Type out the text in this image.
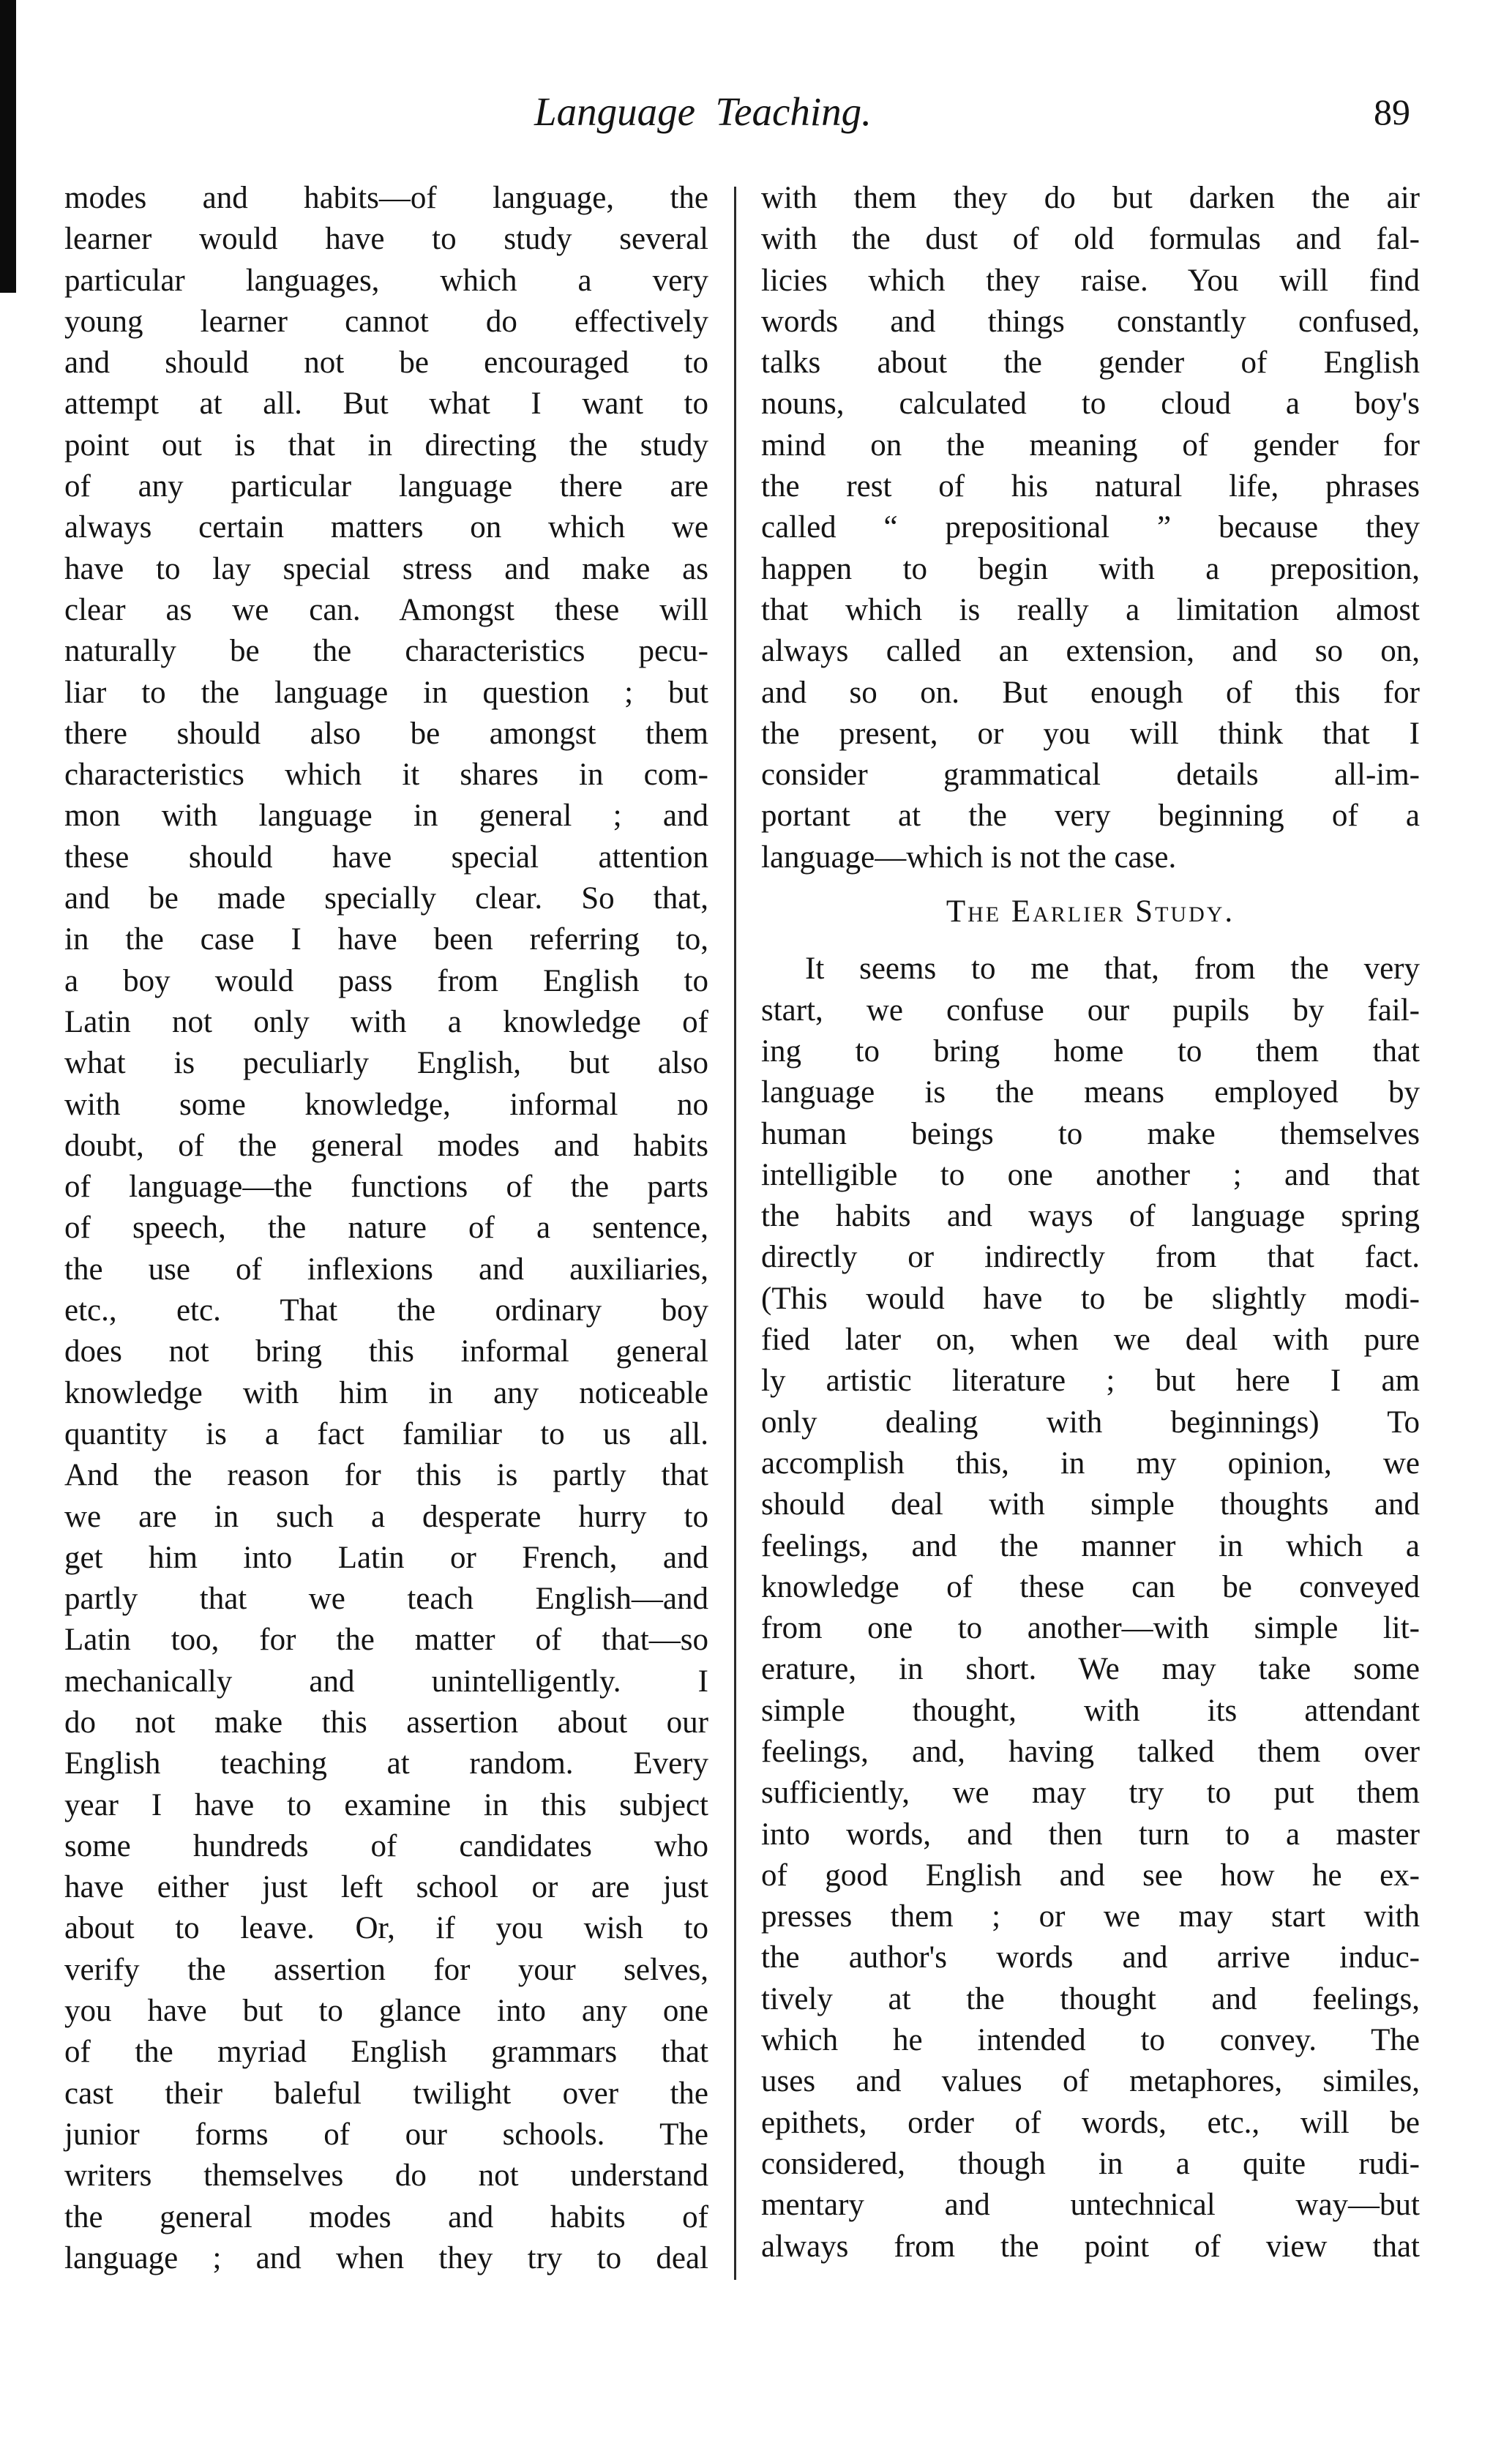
Language  Teaching.	89
modes and habits—of language, the
learner would have to study several
particular languages, which a very
young learner cannot do effectively
and should not be encouraged to
attempt at all. But what I want to
point out is that in directing the study
of any particular language there are
always certain matters on which we
have to lay special stress and make as
clear as we can. Amongst these will
naturally be the characteristics pecu-
liar to the language in question ; but
there should also be amongst them
characteristics which it shares in com-
mon with language in general ; and
these should have special attention
and be made specially clear. So that,
in the case I have been referring to,
a boy would pass from English to
Latin not only with a knowledge of
what is peculiarly English, but also
with some knowledge, informal no
doubt, of the general modes and habits
of language—the functions of the parts
of speech, the nature of a sentence,
the use of inflexions and auxiliaries,
etc., etc. That the ordinary boy
does not bring this informal general
knowledge with him in any noticeable
quantity is a fact familiar to us all.
And the reason for this is partly that
we are in such a desperate hurry to
get him into Latin or French, and
partly that we teach English—and
Latin too, for the matter of that—so
mechanically and unintelligently. I
do not make this assertion about our
English teaching at random. Every
year I have to examine in this subject
some hundreds of candidates who
have either just left school or are just
about to leave. Or, if you wish to
verify the assertion for your selves,
you have but to glance into any one
of the myriad English grammars that
cast their baleful twilight over the
junior forms of our schools. The
writers themselves do not understand
the general modes and habits of
language ; and when they try to deal
with them they do but darken the air
with the dust of old formulas and fal-
licies which they raise. You will find
words and things constantly confused,
talks about the gender of English
nouns, calculated to cloud a boy's
mind on the meaning of gender for
the rest of his natural life, phrases
called “ prepositional ” because they
happen to begin with a preposition,
that which is really a limitation almost
always called an extension, and so on,
and so on. But enough of this for
the present, or you will think that I
consider grammatical details all-im-
portant at the very beginning of a
language—which is not the case.
The Earlier Study.
It seems to me that, from the very
start, we confuse our pupils by fail-
ing to bring home to them that
language is the means employed by
human beings to make themselves
intelligible to one another ; and that
the habits and ways of language spring
directly or indirectly from that fact.
(This would have to be slightly modi-
fied later on, when we deal with pure
ly artistic literature ; but here I am
only dealing with beginnings) To
accomplish this, in my opinion, we
should deal with simple thoughts and
feelings, and the manner in which a
knowledge of these can be conveyed
from one to another—with simple lit-
erature, in short. We may take some
simple thought, with its attendant
feelings, and, having talked them over
sufficiently, we may try to put them
into words, and then turn to a master
of good English and see how he ex-
presses them ; or we may start with
the author's words and arrive induc-
tively at the thought and feelings,
which he intended to convey. The
uses and values of metaphores, similes,
epithets, order of words, etc., will be
considered, though in a quite rudi-
mentary and untechnical way—but
always from the point of view that
